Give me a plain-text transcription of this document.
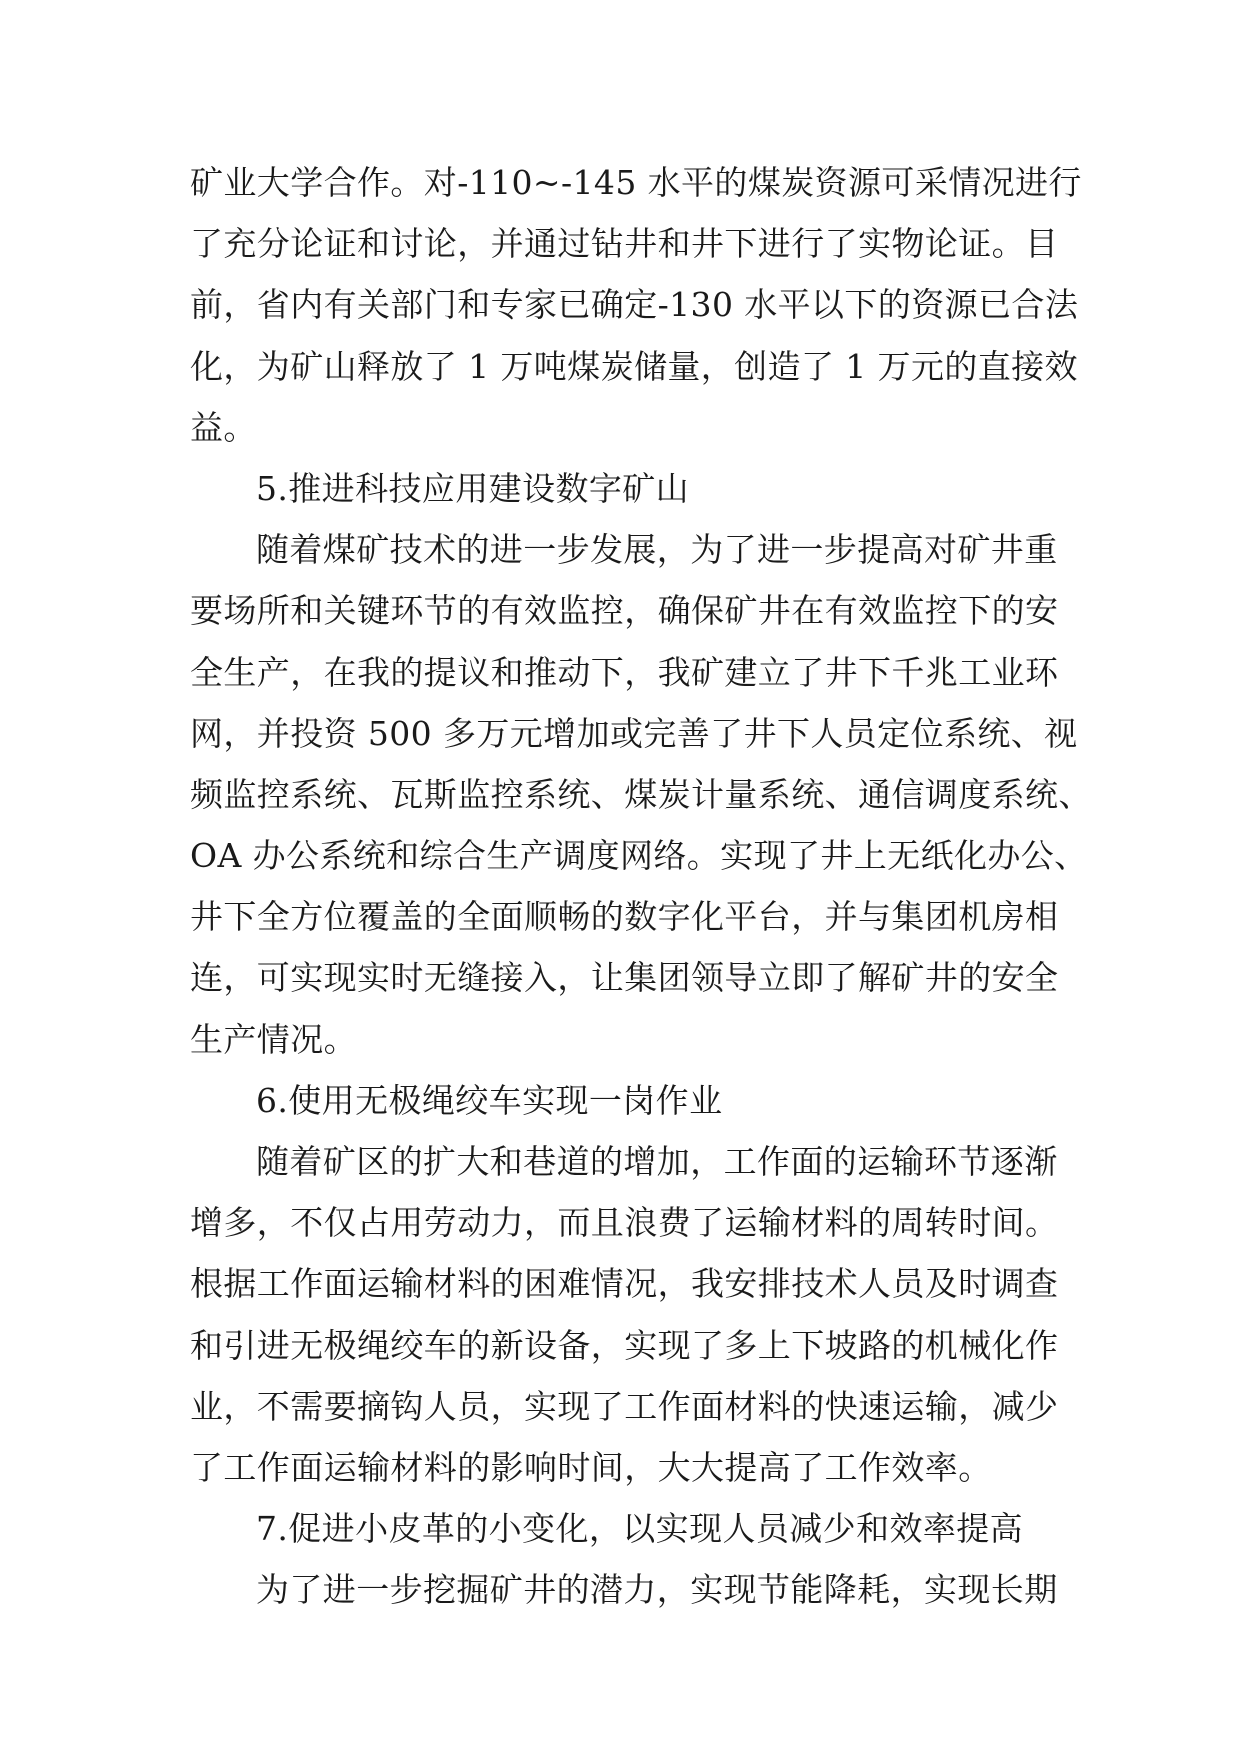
矿业大学合作。对-110~-145 水平的煤炭资源可采情况进行
了充分论证和讨论，并通过钻井和井下进行了实物论证。目
前，省内有关部门和专家已确定-130 水平以下的资源已合法
化，为矿山释放了 1 万吨煤炭储量，创造了 1 万元的直接效
益。
5.推进科技应用建设数字矿山
随着煤矿技术的进一步发展，为了进一步提高对矿井重
要场所和关键环节的有效监控，确保矿井在有效监控下的安
全生产，在我的提议和推动下，我矿建立了井下千兆工业环
网，并投资 500 多万元增加或完善了井下人员定位系统、视
频监控系统、瓦斯监控系统、煤炭计量系统、通信调度系统、
OA 办公系统和综合生产调度网络。实现了井上无纸化办公、
井下全方位覆盖的全面顺畅的数字化平台，并与集团机房相
连，可实现实时无缝接入，让集团领导立即了解矿井的安全
生产情况。
6.使用无极绳绞车实现一岗作业
随着矿区的扩大和巷道的增加，工作面的运输环节逐渐
增多，不仅占用劳动力，而且浪费了运输材料的周转时间。
根据工作面运输材料的困难情况，我安排技术人员及时调查
和引进无极绳绞车的新设备，实现了多上下坡路的机械化作
业，不需要摘钩人员，实现了工作面材料的快速运输，减少
了工作面运输材料的影响时间，大大提高了工作效率。
7.促进小皮革的小变化，以实现人员减少和效率提高
为了进一步挖掘矿井的潜力，实现节能降耗，实现长期
